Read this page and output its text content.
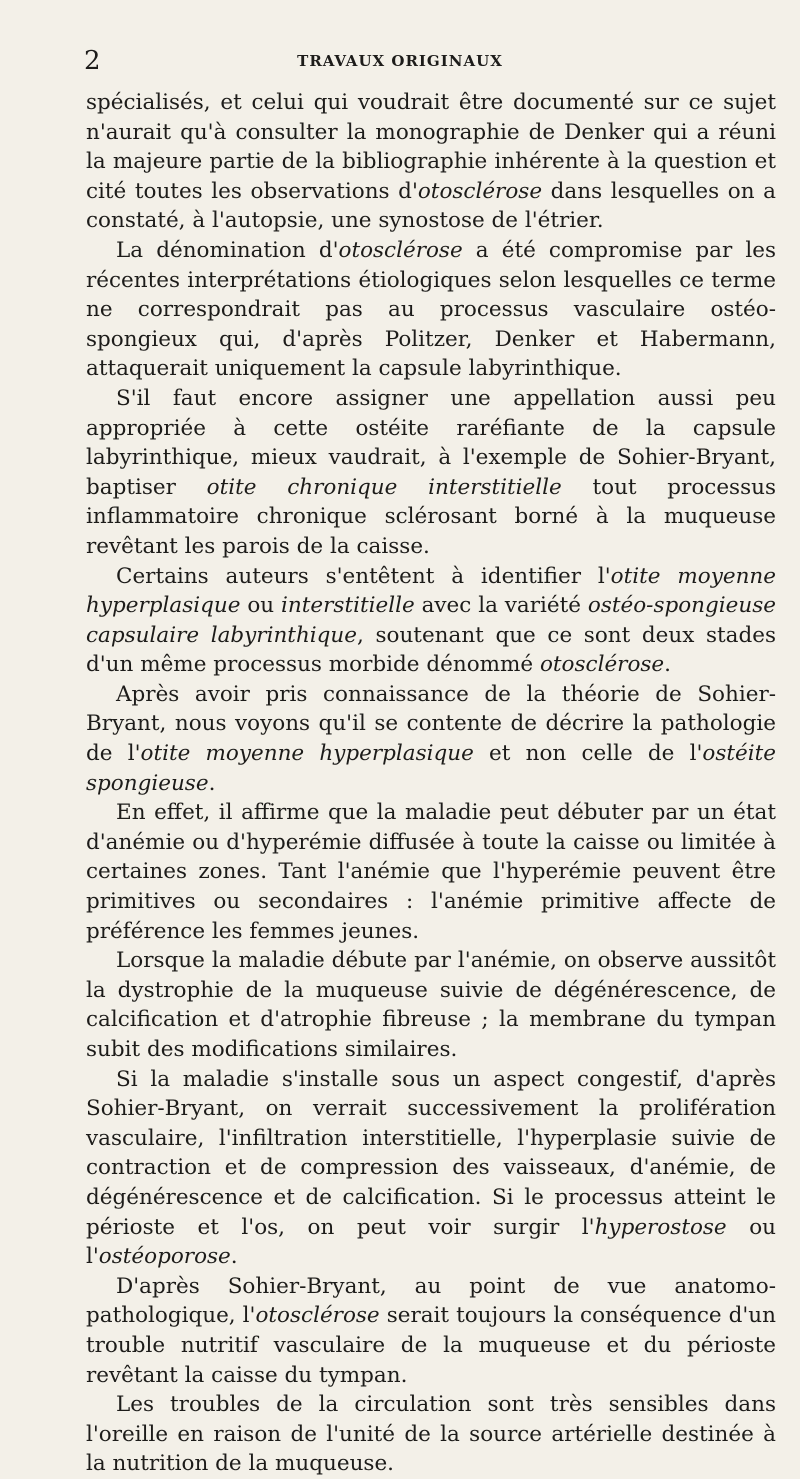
2	TRAVAUX ORIGINAUX

spécialisés, et celui qui voudrait être documenté sur ce sujet n'aurait qu'à consulter la monographie de Denker qui a réuni la majeure partie de la bibliographie inhérente à la question et cité toutes les observations d'otosclérose dans lesquelles on a constaté, à l'autopsie, une synostose de l'étrier.

La dénomination d'otosclérose a été compromise par les récentes interprétations étiologiques selon lesquelles ce terme ne correspondrait pas au processus vasculaire ostéo-spongieux qui, d'après Politzer, Denker et Habermann, attaquerait uniquement la capsule labyrinthique.

S'il faut encore assigner une appellation aussi peu appropriée à cette ostéite raréfiante de la capsule labyrinthique, mieux vaudrait, à l'exemple de Sohier-Bryant, baptiser otite chronique interstitielle tout processus inflammatoire chronique sclérosant borné à la muqueuse revêtant les parois de la caisse.

Certains auteurs s'entêtent à identifier l'otite moyenne hyperplasique ou interstitielle avec la variété ostéo-spongieuse capsulaire labyrinthique, soutenant que ce sont deux stades d'un même processus morbide dénommé otosclérose.

Après avoir pris connaissance de la théorie de Sohier-Bryant, nous voyons qu'il se contente de décrire la pathologie de l'otite moyenne hyperplasique et non celle de l'ostéite spongieuse.

En effet, il affirme que la maladie peut débuter par un état d'anémie ou d'hyperémie diffusée à toute la caisse ou limitée à certaines zones. Tant l'anémie que l'hyperémie peuvent être primitives ou secondaires : l'anémie primitive affecte de préférence les femmes jeunes.

Lorsque la maladie débute par l'anémie, on observe aussitôt la dystrophie de la muqueuse suivie de dégénérescence, de calcification et d'atrophie fibreuse ; la membrane du tympan subit des modifications similaires.

Si la maladie s'installe sous un aspect congestif, d'après Sohier-Bryant, on verrait successivement la prolifération vasculaire, l'infiltration interstitielle, l'hyperplasie suivie de contraction et de compression des vaisseaux, d'anémie, de dégénérescence et de calcification. Si le processus atteint le périoste et l'os, on peut voir surgir l'hyperostose ou l'ostéoporose.

D'après Sohier-Bryant, au point de vue anatomo-pathologique, l'otosclérose serait toujours la conséquence d'un trouble nutritif vasculaire de la muqueuse et du périoste revêtant la caisse du tympan.

Les troubles de la circulation sont très sensibles dans l'oreille en raison de l'unité de la source artérielle destinée à la nutrition de la muqueuse.
